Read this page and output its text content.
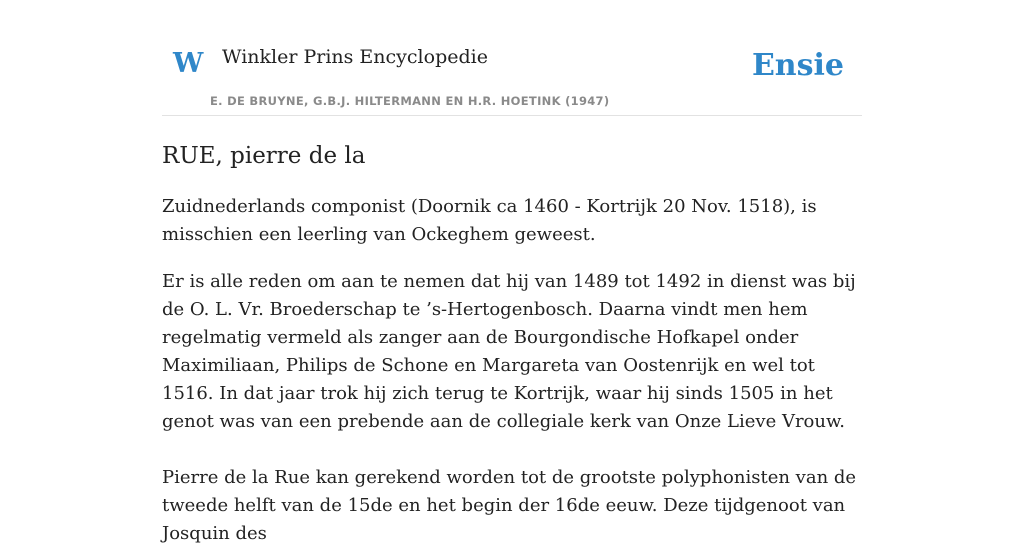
W Winkler Prins Encyclopedie
E. DE BRUYNE, G.B.J. HILTERMANN EN H.R. HOETINK (1947)
Ensie
RUE, pierre de la

Zuidnederlands componist (Doornik ca 1460 - Kortrijk 20 Nov. 1518), is misschien een leerling van Ockeghem geweest.

Er is alle reden om aan te nemen dat hij van 1489 tot 1492 in dienst was bij de O. L. Vr. Broederschap te ’s-Hertogenbosch. Daarna vindt men hem regelmatig vermeld als zanger aan de Bourgondische Hofkapel onder Maximiliaan, Philips de Schone en Margareta van Oostenrijk en wel tot 1516. In dat jaar trok hij zich terug te Kortrijk, waar hij sinds 1505 in het genot was van een prebende aan de collegiale kerk van Onze Lieve Vrouw.

Pierre de la Rue kan gerekend worden tot de grootste polyphonisten van de tweede helft van de 15de en het begin der 16de eeuw. Deze tijdgenoot van Josquin des
